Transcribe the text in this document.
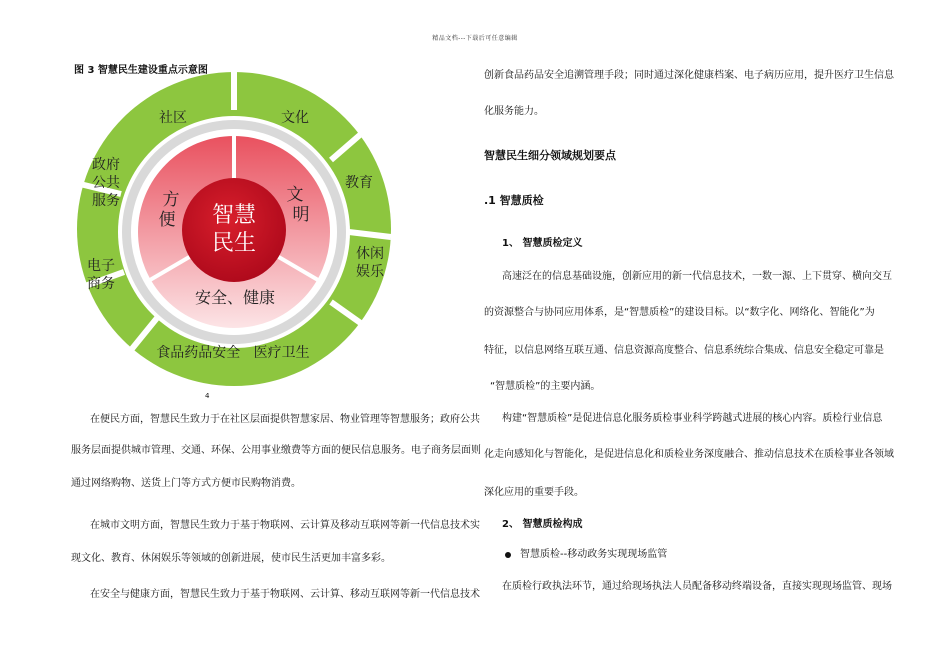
精品文档---下载后可任意编辑
图 3 智慧民生建设重点示意图
智慧
民生
方
便
文
明
安全、健康
社区	文化
教育
休闲
娱乐
食品药品安全   医疗卫生
电子
商务
政府
公共
服务
4
在便民方面，智慧民生致力于在社区层面提供智慧家居、物业管理等智慧服务；政府公共
服务层面提供城市管理、交通、环保、公用事业缴费等方面的便民信息服务。电子商务层面则
通过网络购物、送货上门等方式方便市民购物消费。
在城市文明方面，智慧民生致力于基于物联网、云计算及移动互联网等新一代信息技术实
现文化、教育、休闲娱乐等领域的创新进展，使市民生活更加丰富多彩。
在安全与健康方面，智慧民生致力于基于物联网、云计算、移动互联网等新一代信息技术
创新食品药品安全追溯管理手段；同时通过深化健康档案、电子病历应用，提升医疗卫生信息
化服务能力。
智慧民生细分领域规划要点
.1 智慧质检
1、 智慧质检定义
高速泛在的信息基础设施，创新应用的新一代信息技术，一数一源、上下贯穿、横向交互
的资源整合与协同应用体系，是“智慧质检”的建设目标。以“数字化、网络化、智能化”为
特征，以信息网络互联互通、信息资源高度整合、信息系统综合集成、信息安全稳定可靠是
“智慧质检”的主要内涵。
构建“智慧质检”是促进信息化服务质检事业科学跨越式进展的核心内容。质检行业信息
化走向感知化与智能化，是促进信息化和质检业务深度融合、推动信息技术在质检事业各领域
深化应用的重要手段。
2、 智慧质检构成
智慧质检--移动政务实现现场监管
在质检行政执法环节，通过给现场执法人员配备移动终端设备，直接实现现场监管、现场
